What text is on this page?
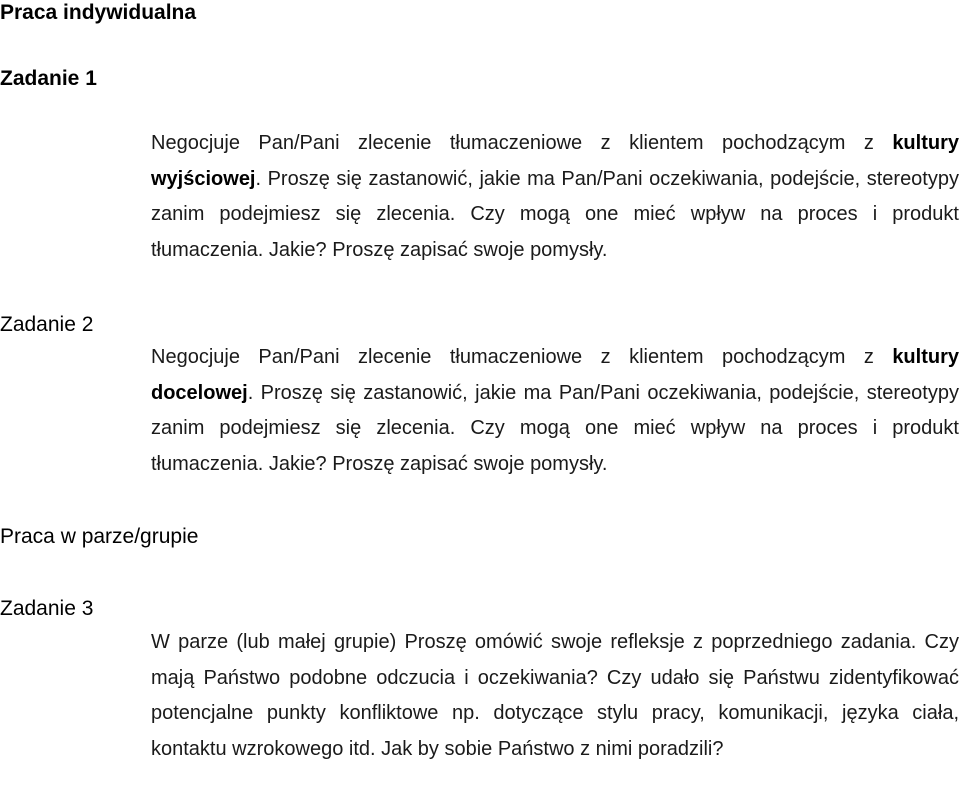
Praca indywidualna
Zadanie 1

Negocjuje Pan/Pani zlecenie tłumaczeniowe z klientem pochodzącym z kultury wyjściowej. Proszę się zastanowić, jakie ma Pan/Pani oczekiwania, podejście, stereotypy zanim podejmiesz się zlecenia. Czy mogą one mieć wpływ na proces i produkt tłumaczenia. Jakie? Proszę zapisać swoje pomysły.

Zadanie 2

Negocjuje Pan/Pani zlecenie tłumaczeniowe z klientem pochodzącym z kultury docelowej. Proszę się zastanowić, jakie ma Pan/Pani oczekiwania, podejście, stereotypy zanim podejmiesz się zlecenia. Czy mogą one mieć wpływ na proces i produkt tłumaczenia. Jakie? Proszę zapisać swoje pomysły.

Praca w parze/grupie
Zadanie 3

W parze (lub małej grupie) Proszę omówić swoje refleksje z poprzedniego zadania. Czy mają Państwo podobne odczucia i oczekiwania? Czy udało się Państwu zidentyfikować potencjalne punkty konfliktowe np. dotyczące stylu pracy, komunikacji, języka ciała, kontaktu wzrokowego itd. Jak by sobie Państwo z nimi poradzili?
